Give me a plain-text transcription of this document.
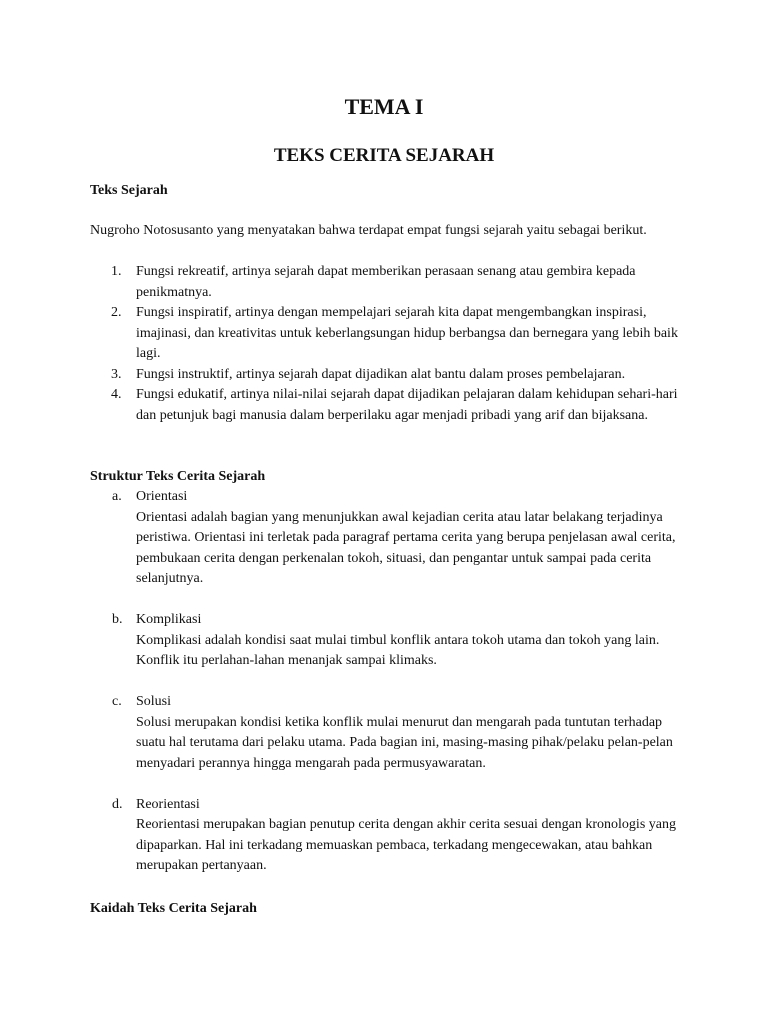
TEMA I
TEKS CERITA SEJARAH
Teks Sejarah

Nugroho Notosusanto yang menyatakan bahwa terdapat empat fungsi sejarah yaitu sebagai berikut.

1. Fungsi rekreatif, artinya sejarah dapat memberikan perasaan senang atau gembira kepada penikmatnya.
2. Fungsi inspiratif, artinya dengan mempelajari sejarah kita dapat mengembangkan inspirasi, imajinasi, dan kreativitas untuk keberlangsungan hidup berbangsa dan bernegara yang lebih baik lagi.
3. Fungsi instruktif, artinya sejarah dapat dijadikan alat bantu dalam proses pembelajaran.
4. Fungsi edukatif, artinya nilai-nilai sejarah dapat dijadikan pelajaran dalam kehidupan sehari-hari dan petunjuk bagi manusia dalam berperilaku agar menjadi pribadi yang arif dan bijaksana.
Struktur Teks Cerita Sejarah
a. Orientasi
Orientasi adalah bagian yang menunjukkan awal kejadian cerita atau latar belakang terjadinya peristiwa. Orientasi ini terletak pada paragraf pertama cerita yang berupa penjelasan awal cerita, pembukaan cerita dengan perkenalan tokoh, situasi, dan pengantar untuk sampai pada cerita selanjutnya.
b. Komplikasi
Komplikasi adalah kondisi saat mulai timbul konflik antara tokoh utama dan tokoh yang lain. Konflik itu perlahan-lahan menanjak sampai klimaks.
c. Solusi
Solusi merupakan kondisi ketika konflik mulai menurut dan mengarah pada tuntutan terhadap suatu hal terutama dari pelaku utama. Pada bagian ini, masing-masing pihak/pelaku pelan-pelan menyadari perannya hingga mengarah pada permusyawaratan.
d. Reorientasi
Reorientasi merupakan bagian penutup cerita dengan akhir cerita sesuai dengan kronologis yang dipaparkan. Hal ini terkadang memuaskan pembaca, terkadang mengecewakan, atau bahkan merupakan pertanyaan.
Kaidah Teks Cerita Sejarah
